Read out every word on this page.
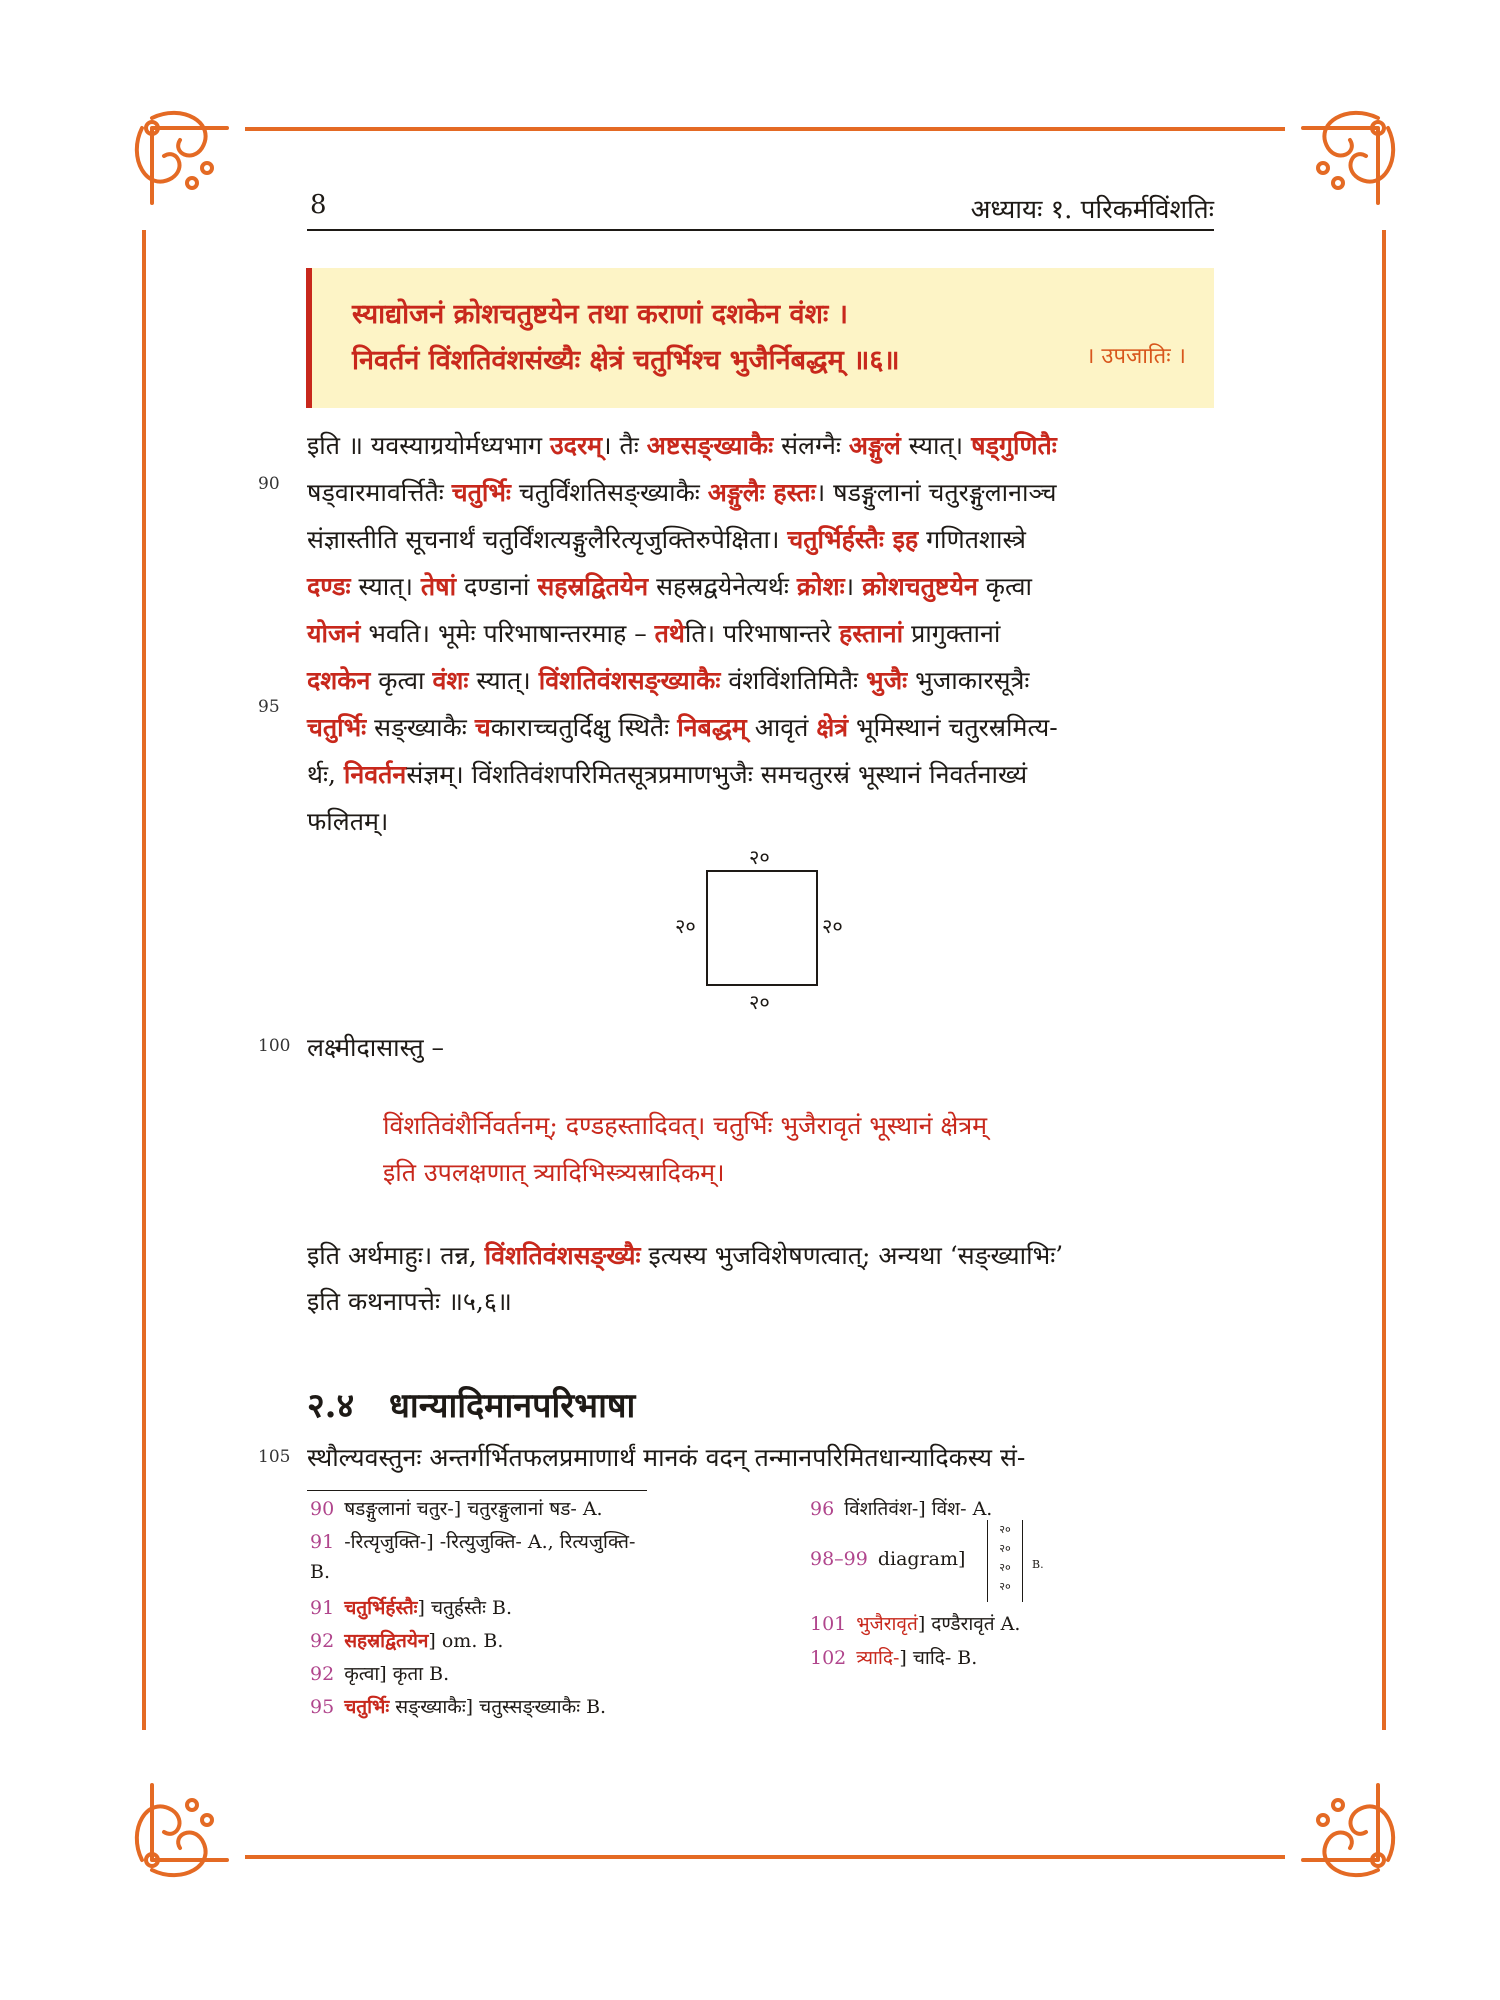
8	अध्यायः १. परिकर्मविंशतिः
स्याद्योजनं क्रोशचतुष्टयेन तथा कराणां दशकेन वंशः ।
निवर्तनं विंशतिवंशसंख्यैः क्षेत्रं चतुर्भिश्च भुजैर्निबद्धम् ॥६॥	। उपजातिः ।
इति ॥ यवस्याग्रयोर्मध्यभाग उदरम्। तैः अष्टसङ्ख्याकैः संलग्नैः अङ्गुलं स्यात्। षड्गुणितैः
षड्वारमावर्त्तितैः चतुर्भिः चतुर्विंशतिसङ्ख्याकैः अङ्गुलैः हस्तः। षडङ्गुलानां चतुरङ्गुलानाञ्च
संज्ञास्तीति सूचनार्थं चतुर्विंशत्यङ्गुलैरित्यृजुक्तिरुपेक्षिता। चतुर्भिर्हस्तैः इह गणितशास्त्रे
दण्डः स्यात्। तेषां दण्डानां सहस्रद्वितयेन सहस्रद्वयेनेत्यर्थः क्रोशः। क्रोशचतुष्टयेन कृत्वा
योजनं भवति। भूमेः परिभाषान्तरमाह – तथेति। परिभाषान्तरे हस्तानां प्रागुक्तानां
दशकेन कृत्वा वंशः स्यात्। विंशतिवंशसङ्ख्याकैः वंशविंशतिमितैः भुजैः भुजाकारसूत्रैः
चतुर्भिः सङ्ख्याकैः चकाराच्चतुर्दिक्षु स्थितैः निबद्धम् आवृतं क्षेत्रं भूमिस्थानं चतुरस्रमित्य-
र्थः, निवर्तनसंज्ञम्। विंशतिवंशपरिमितसूत्रप्रमाणभुजैः समचतुरस्रं भूस्थानं निवर्तनाख्यं
फलितम्।
90
95
100
105
२०
२०	२०
२०
लक्ष्मीदासास्तु –
विंशतिवंशैर्निवर्तनम्; दण्डहस्तादिवत्। चतुर्भिः भुजैरावृतं भूस्थानं क्षेत्रम्
इति उपलक्षणात् त्र्यादिभिस्त्र्यस्रादिकम्।
इति अर्थमाहुः। तन्न, विंशतिवंशसङ्ख्यैः इत्यस्य भुजविशेषणत्वात्; अन्यथा ‘सङ्ख्याभिः’
इति कथनापत्तेः ॥५,६॥
२.४ धान्यादिमानपरिभाषा
स्थौल्यवस्तुनः अन्तर्गर्भितफलप्रमाणार्थं मानकं वदन् तन्मानपरिमितधान्यादिकस्य सं-
90 षडङ्गुलानां चतुर-] चतुरङ्गुलानां षड- A.
91 -रित्यृजुक्ति-] -रित्युजुक्ति- A., रित्यजुक्ति-
B.
91 चतुर्भिर्हस्तैः] चतुर्हस्तैः B.
92 सहस्रद्वितयेन] om. B.
92 कृत्वा] कृता B.
95 चतुर्भिः सङ्ख्याकैः] चतुस्सङ्ख्याकैः B.
96 विंशतिवंश-] विंश- A.
98–99 diagram]
२०
२०
२०
२०
B.
101 भुजैरावृतं] दण्डैरावृतं A.
102 त्र्यादि-] चादि- B.
